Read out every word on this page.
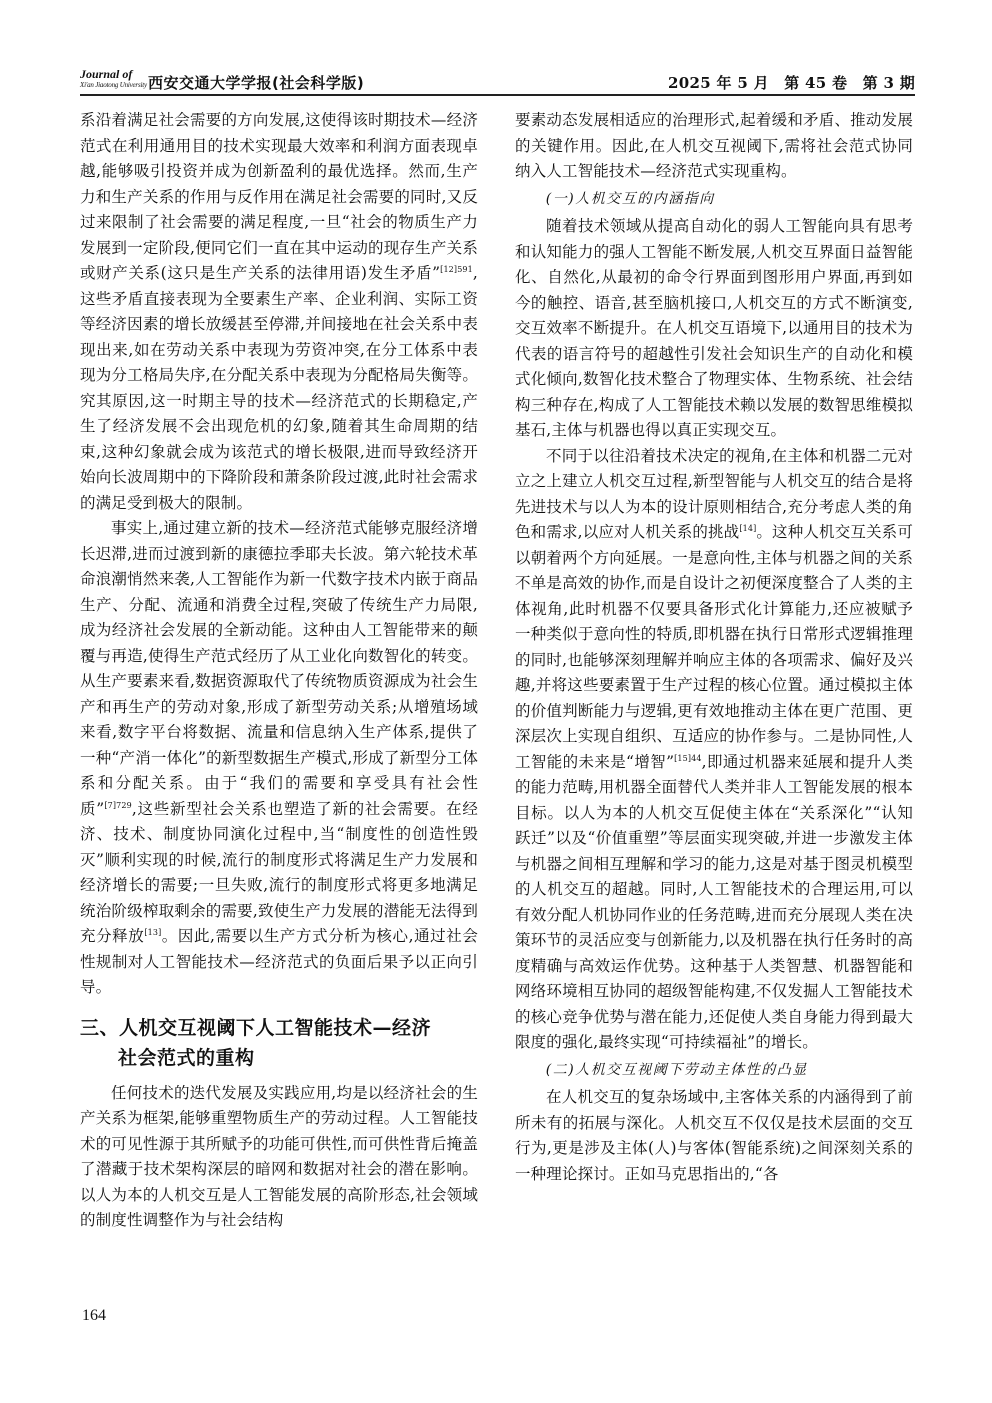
Journal of
Xi'an Jiaotong University 西安交通大学学报(社会科学版)	2025 年 5 月　第 45 卷　第 3 期

系沿着满足社会需要的方向发展,这使得该时期技术—经济范式在利用通用目的技术实现最大效率和利润方面表现卓越,能够吸引投资并成为创新盈利的最优选择。然而,生产力和生产关系的作用与反作用在满足社会需要的同时,又反过来限制了社会需要的满足程度,一旦“社会的物质生产力发展到一定阶段,便同它们一直在其中运动的现存生产关系或财产关系(这只是生产关系的法律用语)发生矛盾”$^{[12]591}$,这些矛盾直接表现为全要素生产率、企业利润、实际工资等经济因素的增长放缓甚至停滞,并间接地在社会关系中表现出来,如在劳动关系中表现为劳资冲突,在分工体系中表现为分工格局失序,在分配关系中表现为分配格局失衡等。究其原因,这一时期主导的技术—经济范式的长期稳定,产生了经济发展不会出现危机的幻象,随着其生命周期的结束,这种幻象就会成为该范式的增长极限,进而导致经济开始向长波周期中的下降阶段和萧条阶段过渡,此时社会需求的满足受到极大的限制。

事实上,通过建立新的技术—经济范式能够克服经济增长迟滞,进而过渡到新的康德拉季耶夫长波。第六轮技术革命浪潮悄然来袭,人工智能作为新一代数字技术内嵌于商品生产、分配、流通和消费全过程,突破了传统生产力局限,成为经济社会发展的全新动能。这种由人工智能带来的颠覆与再造,使得生产范式经历了从工业化向数智化的转变。从生产要素来看,数据资源取代了传统物质资源成为社会生产和再生产的劳动对象,形成了新型劳动关系;从增殖场域来看,数字平台将数据、流量和信息纳入生产体系,提供了一种“产消一体化”的新型数据生产模式,形成了新型分工体系和分配关系。由于“我们的需要和享受具有社会性质”$^{[7]729}$,这些新型社会关系也塑造了新的社会需要。在经济、技术、制度协同演化过程中,当“制度性的创造性毁灭”顺利实现的时候,流行的制度形式将满足生产力发展和经济增长的需要;一旦失败,流行的制度形式将更多地满足统治阶级榨取剩余的需要,致使生产力发展的潜能无法得到充分释放[13]。因此,需要以生产方式分析为核心,通过社会性规制对人工智能技术—经济范式的负面后果予以正向引导。

三、人机交互视阈下人工智能技术—经济
社会范式的重构

任何技术的迭代发展及实践应用,均是以经济社会的生产关系为框架,能够重塑物质生产的劳动过程。人工智能技术的可见性源于其所赋予的功能可供性,而可供性背后掩盖了潜藏于技术架构深层的暗网和数据对社会的潜在影响。以人为本的人机交互是人工智能发展的高阶形态,社会领域的制度性调整作为与社会结构

要素动态发展相适应的治理形式,起着缓和矛盾、推动发展的关键作用。因此,在人机交互视阈下,需将社会范式协同纳入人工智能技术—经济范式实现重构。

(一)人机交互的内涵指向

随着技术领域从提高自动化的弱人工智能向具有思考和认知能力的强人工智能不断发展,人机交互界面日益智能化、自然化,从最初的命令行界面到图形用户界面,再到如今的触控、语音,甚至脑机接口,人机交互的方式不断演变,交互效率不断提升。在人机交互语境下,以通用目的技术为代表的语言符号的超越性引发社会知识生产的自动化和模式化倾向,数智化技术整合了物理实体、生物系统、社会结构三种存在,构成了人工智能技术赖以发展的数智思维模拟基石,主体与机器也得以真正实现交互。

不同于以往沿着技术决定的视角,在主体和机器二元对立之上建立人机交互过程,新型智能与人机交互的结合是将先进技术与以人为本的设计原则相结合,充分考虑人类的角色和需求,以应对人机关系的挑战[14]。这种人机交互关系可以朝着两个方向延展。一是意向性,主体与机器之间的关系不单是高效的协作,而是自设计之初便深度整合了人类的主体视角,此时机器不仅要具备形式化计算能力,还应被赋予一种类似于意向性的特质,即机器在执行日常形式逻辑推理的同时,也能够深刻理解并响应主体的各项需求、偏好及兴趣,并将这些要素置于生产过程的核心位置。通过模拟主体的价值判断能力与逻辑,更有效地推动主体在更广范围、更深层次上实现自组织、互适应的协作参与。二是协同性,人工智能的未来是“增智”$^{[15]44}$,即通过机器来延展和提升人类的能力范畴,用机器全面替代人类并非人工智能发展的根本目标。以人为本的人机交互促使主体在“关系深化”“认知跃迁”以及“价值重塑”等层面实现突破,并进一步激发主体与机器之间相互理解和学习的能力,这是对基于图灵机模型的人机交互的超越。同时,人工智能技术的合理运用,可以有效分配人机协同作业的任务范畴,进而充分展现人类在决策环节的灵活应变与创新能力,以及机器在执行任务时的高度精确与高效运作优势。这种基于人类智慧、机器智能和网络环境相互协同的超级智能构建,不仅发掘人工智能技术的核心竞争优势与潜在能力,还促使人类自身能力得到最大限度的强化,最终实现“可持续福祉”的增长。

(二)人机交互视阈下劳动主体性的凸显

在人机交互的复杂场域中,主客体关系的内涵得到了前所未有的拓展与深化。人机交互不仅仅是技术层面的交互行为,更是涉及主体(人)与客体(智能系统)之间深刻关系的一种理论探讨。正如马克思指出的,“各

164
